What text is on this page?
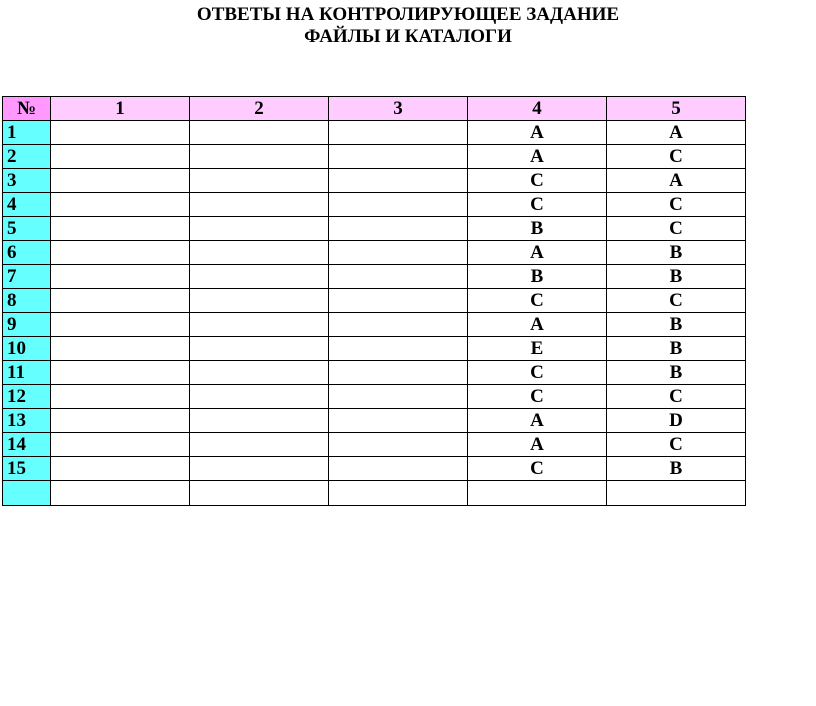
ОТВЕТЫ НА КОНТРОЛИРУЮЩЕЕ ЗАДАНИЕ
ФАЙЛЫ И КАТАЛОГИ
№	1	2	3	4	5
1				А	А
2				А	С
3				С	А
4				С	С
5				В	С
6				А	В
7				В	В
8				С	С
9				А	В
10				Е	В
11				С	В
12				С	С
13				А	D
14				А	С
15				С	В
